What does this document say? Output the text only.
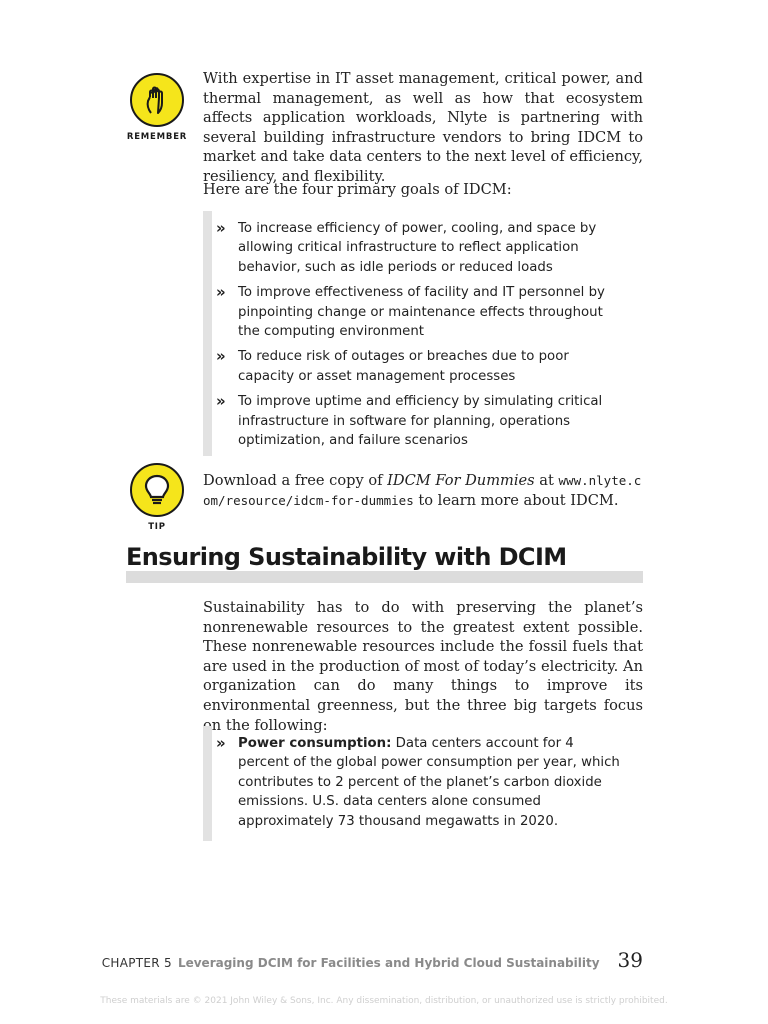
REMEMBER

With expertise in IT asset management, critical power, and thermal management, as well as how that ecosystem affects application workloads, Nlyte is partnering with several building infrastructure vendors to bring IDCM to market and take data centers to the next level of efficiency, resiliency, and flexibility.

Here are the four primary goals of IDCM:

» To increase efficiency of power, cooling, and space by allowing critical infrastructure to reflect application behavior, such as idle periods or reduced loads
» To improve effectiveness of facility and IT personnel by pinpointing change or maintenance effects throughout the computing environment
» To reduce risk of outages or breaches due to poor capacity or asset management processes
» To improve uptime and efficiency by simulating critical infrastructure in software for planning, operations optimization, and failure scenarios
TIP

Download a free copy of IDCM For Dummies at www.nlyte.com/resource/idcm-for-dummies to learn more about IDCM.

Ensuring Sustainability with DCIM

Sustainability has to do with preserving the planet’s nonrenewable resources to the greatest extent possible. These nonrenewable resources include the fossil fuels that are used in the production of most of today’s electricity. An organization can do many things to improve its environmental greenness, but the three big targets focus on the following:

» Power consumption: Data centers account for 4 percent of the global power consumption per year, which contributes to 2 percent of the planet’s carbon dioxide emissions. U.S. data centers alone consumed approximately 73 thousand megawatts in 2020.
CHAPTER 5 Leveraging DCIM for Facilities and Hybrid Cloud Sustainability 39
These materials are © 2021 John Wiley & Sons, Inc. Any dissemination, distribution, or unauthorized use is strictly prohibited.
